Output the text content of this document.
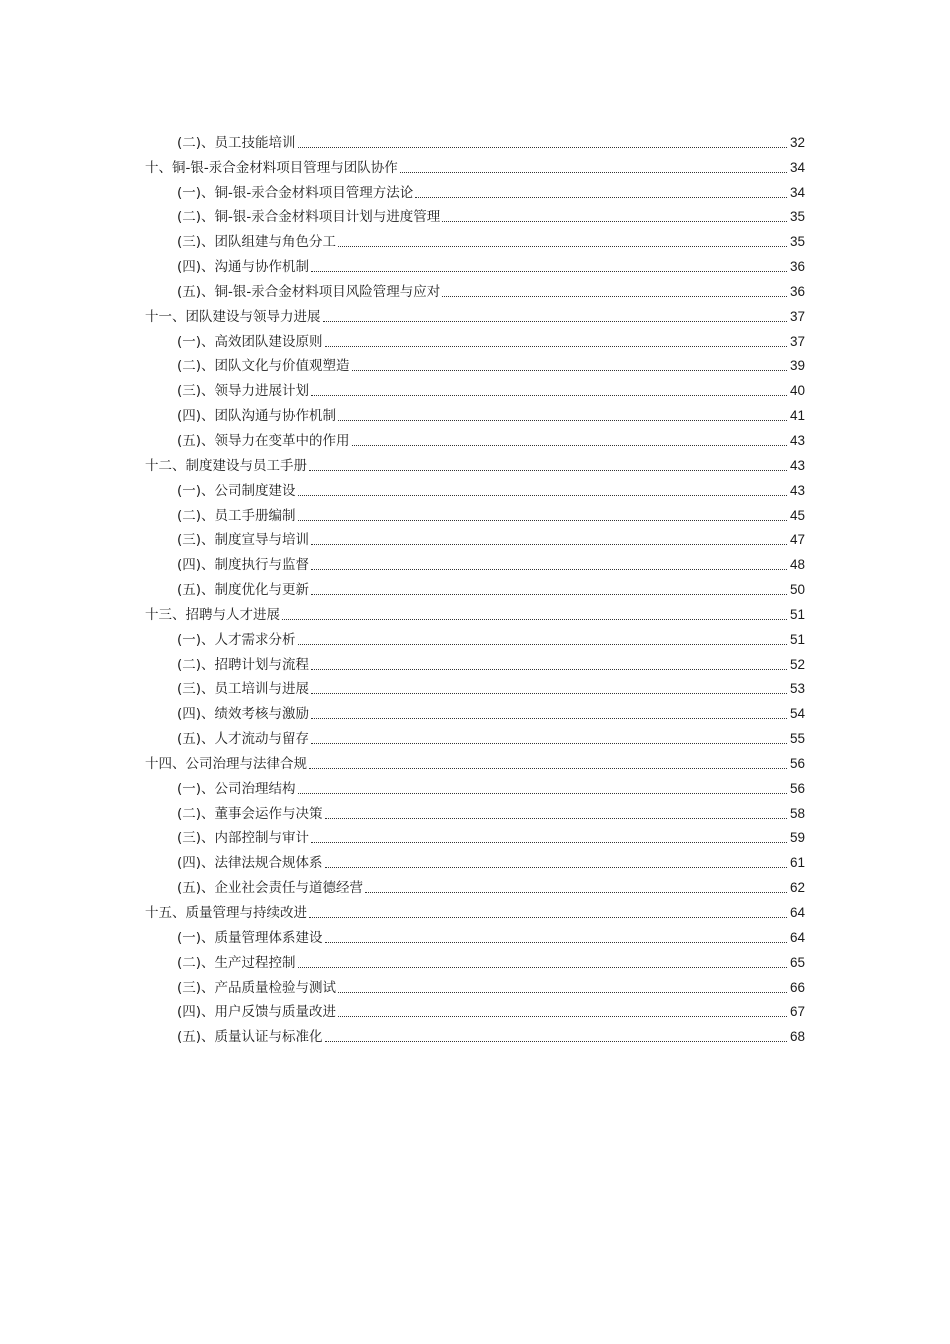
(二)、员工技能培训	32
十、铜-银-汞合金材料项目管理与团队协作	34
(一)、铜-银-汞合金材料项目管理方法论	34
(二)、铜-银-汞合金材料项目计划与进度管理	35
(三)、团队组建与角色分工	35
(四)、沟通与协作机制	36
(五)、铜-银-汞合金材料项目风险管理与应对	36
十一、团队建设与领导力进展	37
(一)、高效团队建设原则	37
(二)、团队文化与价值观塑造	39
(三)、领导力进展计划	40
(四)、团队沟通与协作机制	41
(五)、领导力在变革中的作用	43
十二、制度建设与员工手册	43
(一)、公司制度建设	43
(二)、员工手册编制	45
(三)、制度宣导与培训	47
(四)、制度执行与监督	48
(五)、制度优化与更新	50
十三、招聘与人才进展	51
(一)、人才需求分析	51
(二)、招聘计划与流程	52
(三)、员工培训与进展	53
(四)、绩效考核与激励	54
(五)、人才流动与留存	55
十四、公司治理与法律合规	56
(一)、公司治理结构	56
(二)、董事会运作与决策	58
(三)、内部控制与审计	59
(四)、法律法规合规体系	61
(五)、企业社会责任与道德经营	62
十五、质量管理与持续改进	64
(一)、质量管理体系建设	64
(二)、生产过程控制	65
(三)、产品质量检验与测试	66
(四)、用户反馈与质量改进	67
(五)、质量认证与标准化	68
